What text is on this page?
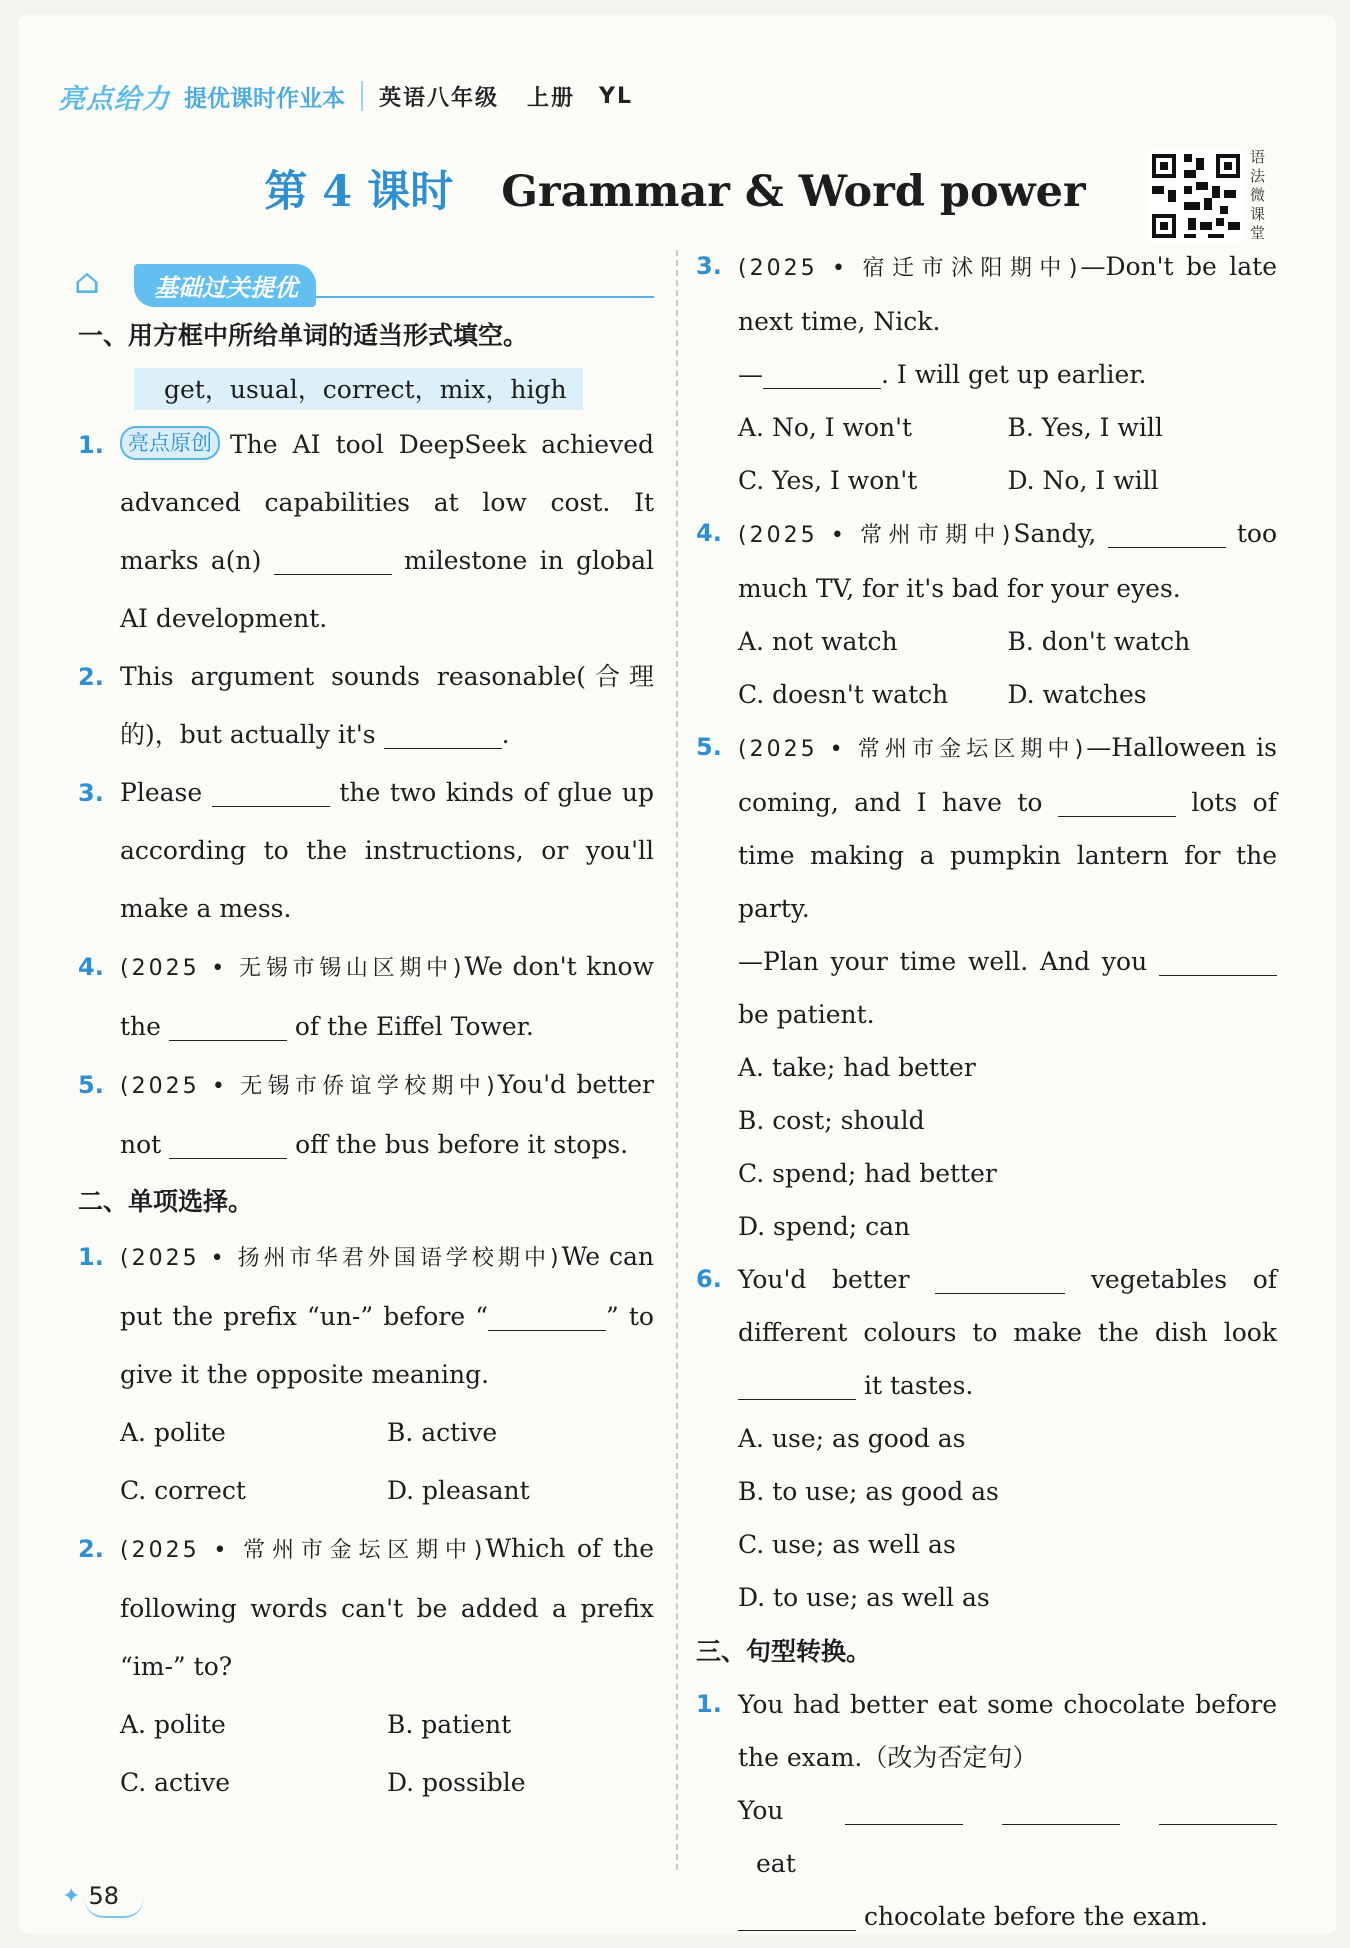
亮点给力 提优课时作业本 英语八年级 上册 YL
第 4 课时 Grammar & Word power
语法微课堂
⌂	基础过关提优
一、用方框中所给单词的适当形式填空。
get，usual，correct，mix，high
1. 亮点原创 The AI tool DeepSeek achieved advanced capabilities at low cost. It marks a(n)	milestone in global AI development.
2. This argument sounds reasonable(合理的)，but actually it's	.
3. Please	the two kinds of glue up according to the instructions, or you'll make a mess.
4. (2025 • 无锡市锡山区期中)We don't know the	of the Eiffel Tower.
5. (2025 • 无锡市侨谊学校期中)You'd better not	off the bus before it stops.
二、单项选择。
1. (2025 • 扬州市华君外国语学校期中)We can put the prefix “un-” before “	” to give it the opposite meaning.
A. polite	B. active
C. correct	D. pleasant
2. (2025 • 常州市金坛区期中)Which of the following words can't be added a prefix “im-” to?
A. polite	B. patient
C. active	D. possible
3. (2025 • 宿迁市沭阳期中)—Don't be late next time, Nick.
—	. I will get up earlier.
A. No, I won't	B. Yes, I will
C. Yes, I won't	D. No, I will
4. (2025 • 常州市期中)Sandy,	too much TV, for it's bad for your eyes.
A. not watch	B. don't watch
C. doesn't watch	D. watches
5. (2025 • 常州市金坛区期中)—Halloween is coming, and I have to	lots of time making a pumpkin lantern for the party.
—Plan your time well. And you  be patient.
A. take; had better
B. cost; should
C. spend; had better
D. spend; can
6. You'd better	vegetables of different colours to make the dish look  it tastes.
A. use; as good as
B. to use; as good as
C. use; as well as
D. to use; as well as
三、句型转换。
1. You had better eat some chocolate before the exam.（改为否定句）
You    eat
chocolate before the exam.
✦ 58
